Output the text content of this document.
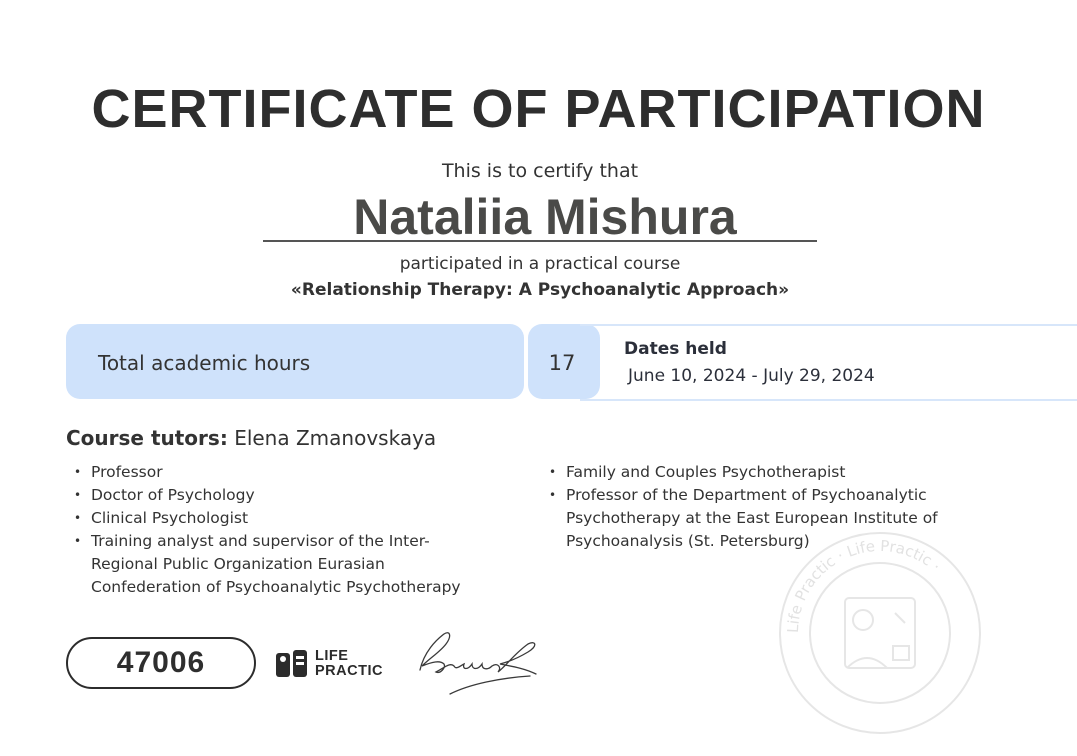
CERTIFICATE OF PARTICIPATION
This is to certify that
Nataliia Mishura
participated in a practical course
«Relationship Therapy: A Psychoanalytic Approach»
Total academic hours	17
Dates held
June 10, 2024 - July 29, 2024
Course tutors: Elena Zmanovskaya
• Professor
• Doctor of Psychology
• Clinical Psychologist
• Training analyst and supervisor of the Inter-Regional Public Organization Eurasian Confederation of Psychoanalytic Psychotherapy
• Family and Couples Psychotherapist
• Professor of the Department of Psychoanalytic Psychotherapy at the East European Institute of Psychoanalysis (St. Petersburg)
47006	LIFE
PRACTIC
Life Practic · Life Practic ·
